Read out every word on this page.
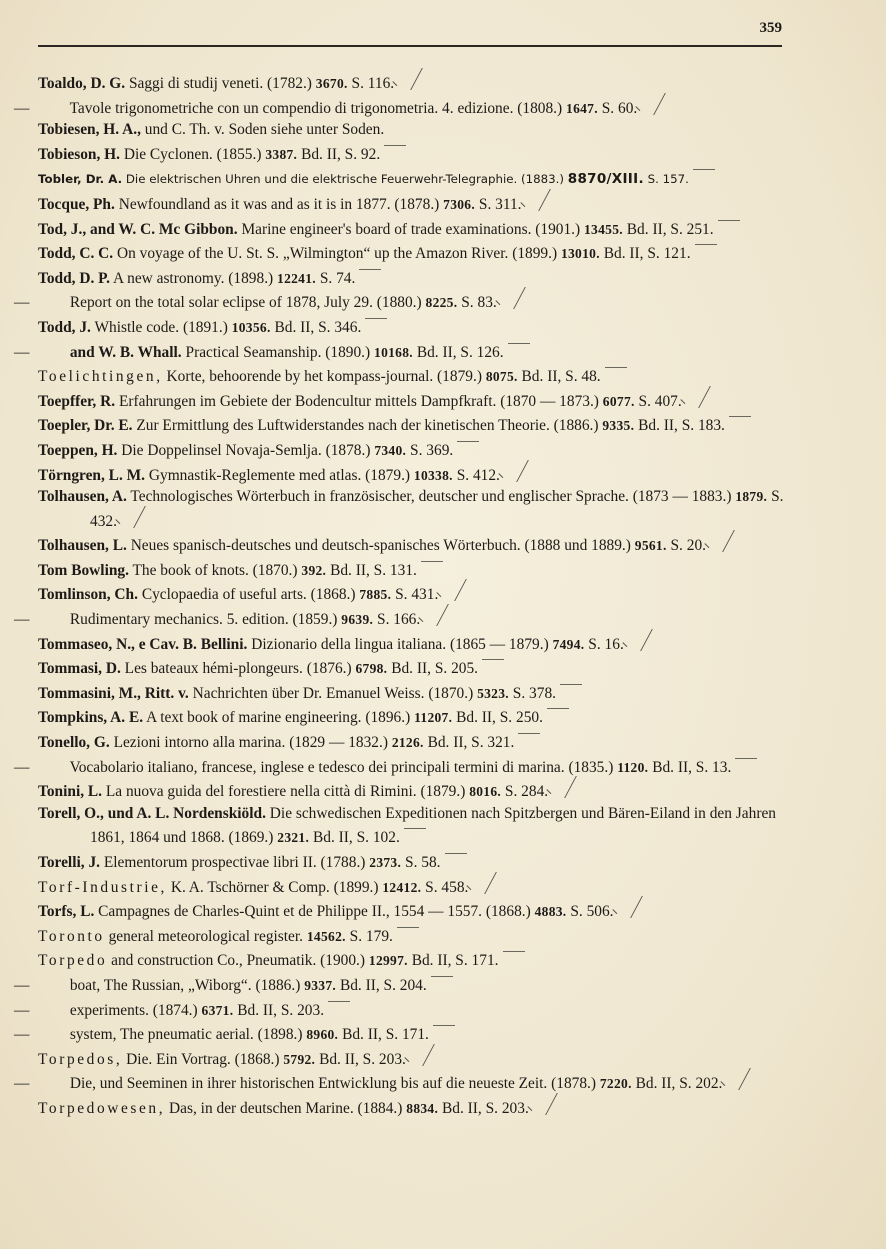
359
Toaldo, D. G. Saggi di studij veneti. (1782.) 3670. S. 116.
—	Tavole trigonometriche con un compendio di trigonometria. 4. edizione. (1808.) 1647. S. 60.
Tobiesen, H. A., und C. Th. v. Soden siehe unter Soden.
Tobieson, H. Die Cyclonen. (1855.) 3387. Bd. II, S. 92.
Tobler, Dr. A. Die elektrischen Uhren und die elektrische Feuerwehr-Telegraphie. (1883.) 8870/XIII. S. 157.
Tocque, Ph. Newfoundland as it was and as it is in 1877. (1878.) 7306. S. 311.
Tod, J., and W. C. Mc Gibbon. Marine engineer's board of trade examinations. (1901.) 13455. Bd. II, S. 251.
Todd, C. C. On voyage of the U. St. S. „Wilmington“ up the Amazon River. (1899.) 13010. Bd. II, S. 121.
Todd, D. P. A new astronomy. (1898.) 12241. S. 74.
—	Report on the total solar eclipse of 1878, July 29. (1880.) 8225. S. 83.
Todd, J. Whistle code. (1891.) 10356. Bd. II, S. 346.
—	and W. B. Whall. Practical Seamanship. (1890.) 10168. Bd. II, S. 126.
Toelichtingen, Korte, behoorende by het kompass-journal. (1879.) 8075. Bd. II, S. 48.
Toepffer, R. Erfahrungen im Gebiete der Bodencultur mittels Dampfkraft. (1870 — 1873.) 6077. S. 407.
Toepler, Dr. E. Zur Ermittlung des Luftwiderstandes nach der kinetischen Theorie. (1886.) 9335. Bd. II, S. 183.
Toeppen, H. Die Doppelinsel Novaja-Semlja. (1878.) 7340. S. 369.
Törngren, L. M. Gymnastik-Reglemente med atlas. (1879.) 10338. S. 412.
Tolhausen, A. Technologisches Wörterbuch in französischer, deutscher und englischer Sprache. (1873 — 1883.) 1879. S. 432.
Tolhausen, L. Neues spanisch-deutsches und deutsch-spanisches Wörterbuch. (1888 und 1889.) 9561. S. 20.
Tom Bowling. The book of knots. (1870.) 392. Bd. II, S. 131.
Tomlinson, Ch. Cyclopaedia of useful arts. (1868.) 7885. S. 431.
—	Rudimentary mechanics. 5. edition. (1859.) 9639. S. 166.
Tommaseo, N., e Cav. B. Bellini. Dizionario della lingua italiana. (1865 — 1879.) 7494. S. 16.
Tommasi, D. Les bateaux hémi-plongeurs. (1876.) 6798. Bd. II, S. 205.
Tommasini, M., Ritt. v. Nachrichten über Dr. Emanuel Weiss. (1870.) 5323. S. 378.
Tompkins, A. E. A text book of marine engineering. (1896.) 11207. Bd. II, S. 250.
Tonello, G. Lezioni intorno alla marina. (1829 — 1832.) 2126. Bd. II, S. 321.
—	Vocabolario italiano, francese, inglese e tedesco dei principali termini di marina. (1835.) 1120. Bd. II, S. 13.
Tonini, L. La nuova guida del forestiere nella città di Rimini. (1879.) 8016. S. 284.
Torell, O., und A. L. Nordenskiöld. Die schwedischen Expeditionen nach Spitzbergen und Bären-Eiland in den Jahren 1861, 1864 und 1868. (1869.) 2321. Bd. II, S. 102.
Torelli, J. Elementorum prospectivae libri II. (1788.) 2373. S. 58.
Torf-Industrie, K. A. Tschörner & Comp. (1899.) 12412. S. 458.
Torfs, L. Campagnes de Charles-Quint et de Philippe II., 1554 — 1557. (1868.) 4883. S. 506.
Toronto general meteorological register. 14562. S. 179.
Torpedo and construction Co., Pneumatik. (1900.) 12997. Bd. II, S. 171.
—	boat, The Russian, „Wiborg“. (1886.) 9337. Bd. II, S. 204.
—	experiments. (1874.) 6371. Bd. II, S. 203.
—	system, The pneumatic aerial. (1898.) 8960. Bd. II, S. 171.
Torpedos, Die. Ein Vortrag. (1868.) 5792. Bd. II, S. 203.
—	Die, und Seeminen in ihrer historischen Entwicklung bis auf die neueste Zeit. (1878.) 7220. Bd. II, S. 202.
Torpedowesen, Das, in der deutschen Marine. (1884.) 8834. Bd. II, S. 203.
